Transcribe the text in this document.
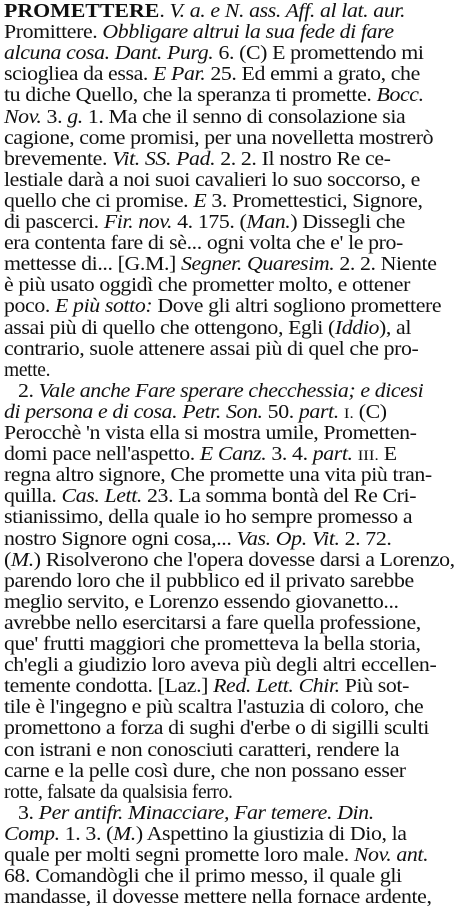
PROMETTERE. V. a. e N. ass. Aff. al lat. aur.
Promittere. Obbligare altrui la sua fede di fare
alcuna cosa. Dant. Purg. 6. (C) E promettendo mi
sciogliea da essa. E Par. 25. Ed emmi a grato, che
tu diche Quello, che la speranza ti promette. Bocc.
Nov. 3. g. 1. Ma che il senno di consolazione sia
cagione, come promisi, per una novelletta mostrerò
brevemente. Vit. SS. Pad. 2. 2. Il nostro Re ce-
lestiale darà a noi suoi cavalieri lo suo soccorso, e
quello che ci promise. E 3. Promettestici, Signore,
di pascerci. Fir. nov. 4. 175. (Man.) Dissegli che
era contenta fare di sè... ogni volta che e' le pro-
mettesse di... [G.M.] Segner. Quaresim. 2. 2. Niente
è più usato oggidì che prometter molto, e ottener
poco. E più sotto: Dove gli altri sogliono promettere
assai più di quello che ottengono, Egli (Iddio), al
contrario, suole attenere assai più di quel che pro-
mette.
2. Vale anche Fare sperare checchessia; e dicesi
di persona e di cosa. Petr. Son. 50. part. I. (C)
Perocchè 'n vista ella si mostra umile, Prometten-
domi pace nell'aspetto. E Canz. 3. 4. part. III. E
regna altro signore, Che promette una vita più tran-
quilla. Cas. Lett. 23. La somma bontà del Re Cri-
stianissimo, della quale io ho sempre promesso a
nostro Signore ogni cosa,... Vas. Op. Vit. 2. 72.
(M.) Risolverono che l'opera dovesse darsi a Lorenzo,
parendo loro che il pubblico ed il privato sarebbe
meglio servito, e Lorenzo essendo giovanetto...
avrebbe nello esercitarsi a fare quella professione,
que' frutti maggiori che prometteva la bella storia,
ch'egli a giudizio loro aveva più degli altri eccellen-
temente condotta. [Laz.] Red. Lett. Chir. Più sot-
tile è l'ingegno e più scaltra l'astuzia di coloro, che
promettono a forza di sughi d'erbe o di sigilli sculti
con istrani e non conosciuti caratteri, rendere la
carne e la pelle così dure, che non possano esser
rotte, falsate da qualsisia ferro.
3. Per antifr. Minacciare, Far temere. Din.
Comp. 1. 3. (M.) Aspettino la giustizia di Dio, la
quale per molti segni promette loro male. Nov. ant.
68. Comandògli che il primo messo, il quale gli
mandasse, il dovesse mettere nella fornace ardente,
